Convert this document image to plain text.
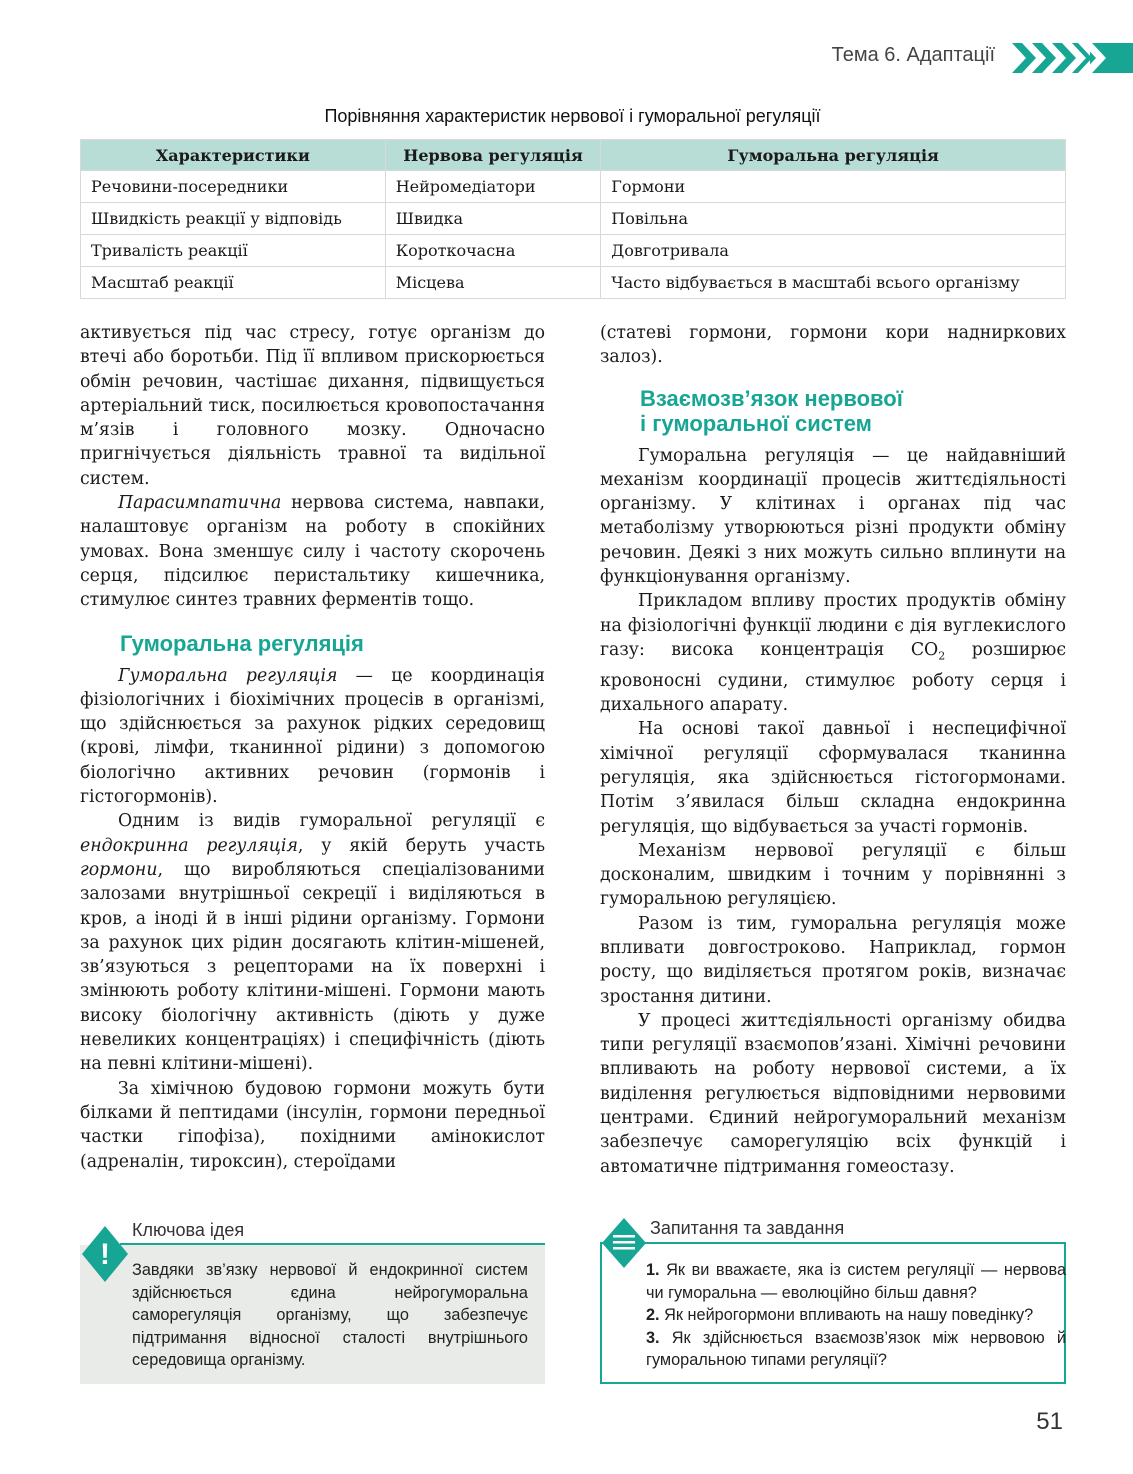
Тема 6. Адаптації
Порівняння характеристик нервової і гуморальної регуляції
Характеристики	Нервова регуляція	Гуморальна регуляція
Речовини-посередники	Нейромедіатори	Гормони
Швидкість реакції у відповідь	Швидка	Повільна
Тривалість реакції	Короткочасна	Довготривала
Масштаб реакції	Місцева	Часто відбувається в масштабі всього організму

активується під час стресу, готує організм до втечі або боротьби. Під її впливом прискорюється обмін речовин, частішає дихання, підвищується артеріальний тиск, посилюється кровопостачання м’язів і головного мозку. Одночасно пригнічується діяльність травної та видільної систем.

Парасимпатична нервова система, навпаки, налаштовує організм на роботу в спокійних умовах. Вона зменшує силу і частоту скорочень серця, підсилює перистальтику кишечника, стимулює синтез травних ферментів тощо.

Гуморальна регуляція

Гуморальна регуляція — це координація фізіологічних і біохімічних процесів в організмі, що здійснюється за рахунок рідких середовищ (крові, лімфи, тканинної рідини) з допомогою біологічно активних речовин (гормонів і гістогормонів).

Одним із видів гуморальної регуляції є ендокринна регуляція, у якій беруть участь гормони, що виробляються спеціалізованими залозами внутрішньої секреції і виділяються в кров, а іноді й в інші рідини організму. Гормони за рахунок цих рідин досягають клітин-мішеней, зв’язуються з рецепторами на їх поверхні і змінюють роботу клітини-мішені. Гормони мають високу біологічну активність (діють у дуже невеликих концентраціях) і специфічність (діють на певні клітини-мішені).

За хімічною будовою гормони можуть бути білками й пептидами (інсулін, гормони передньої частки гіпофіза), похідними амінокислот (адреналін, тироксин), стероїдами

(статеві гормони, гормони кори надниркових залоз).

Взаємозв’язок нервової
і гуморальної систем

Гуморальна регуляція — це найдавніший механізм координації процесів життєдіяльності організму. У клітинах і органах під час метаболізму утворюються різні продукти обміну речовин. Деякі з них можуть сильно вплинути на функціонування організму.

Прикладом впливу простих продуктів обміну на фізіологічні функції людини є дія вуглекислого газу: висока концентрація $CO_2$ розширює кровоносні судини, стимулює роботу серця і дихального апарату.

На основі такої давньої і неспецифічної хімічної регуляції сформувалася тканинна регуляція, яка здійснюється гістогормонами. Потім з’явилася більш складна ендокринна регуляція, що відбувається за участі гормонів.

Механізм нервової регуляції є більш досконалим, швидким і точним у порівнянні з гуморальною регуляцією.

Разом із тим, гуморальна регуляція може впливати довгостроково. Наприклад, гормон росту, що виділяється протягом років, визначає зростання дитини.

У процесі життєдіяльності організму обидва типи регуляції взаємопов’язані. Хімічні речовини впливають на роботу нервової системи, а їх виділення регулюється відповідними нервовими центрами. Єдиний нейрогуморальний механізм забезпечує саморегуляцію всіх функцій і автоматичне підтримання гомеостазу.

Завдяки зв’язку нервової й ендокринної систем здійснюється єдина нейрогуморальна саморегуляція організму, що забезпечує підтримання відносної сталості внутрішнього середовища організму.
Ключова ідея
!	1. Як ви вважаєте, яка із систем регуляції — нервова чи гуморальна — еволюційно більш давня?
2. Як нейрогормони впливають на нашу поведінку?
3. Як здійснюється взаємозв’язок між нервовою й гуморальною типами регуляції?
Запитання та завдання
51
